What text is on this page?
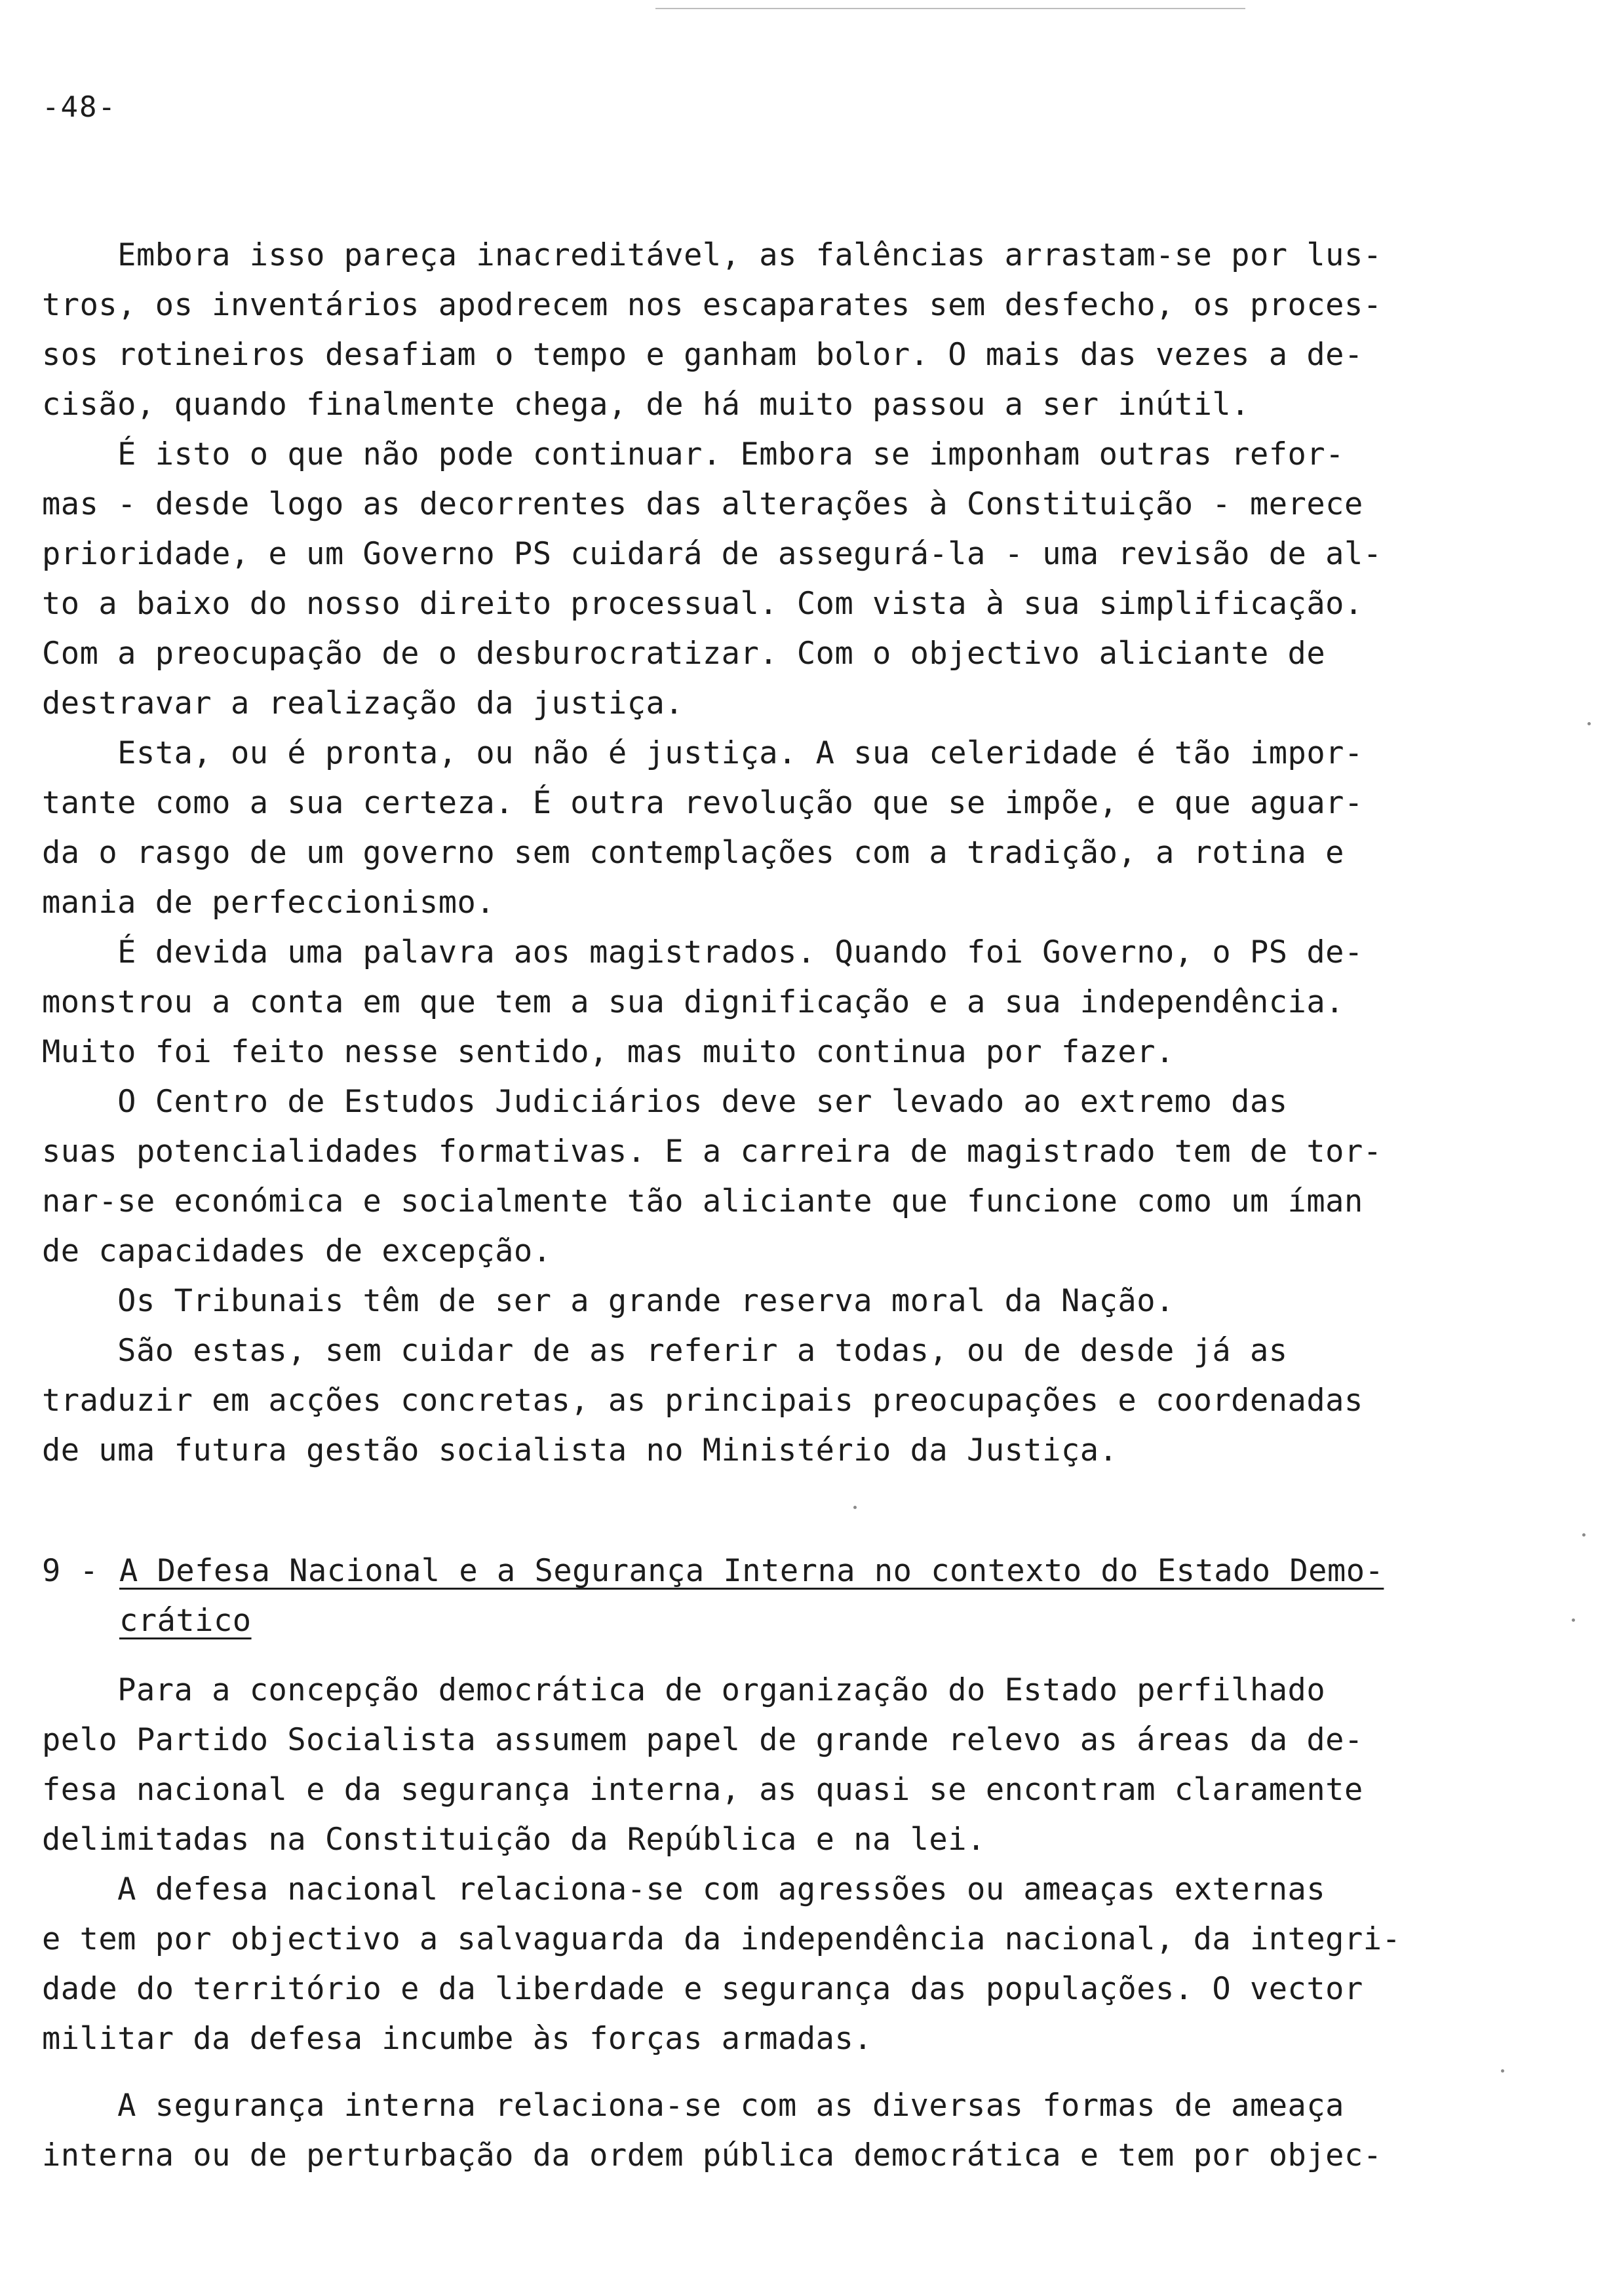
-48-
Embora isso pareça inacreditável, as falências arrastam-se por lus-
tros, os inventários apodrecem nos escaparates sem desfecho, os proces-
sos rotineiros desafiam o tempo e ganham bolor. O mais das vezes a de-
cisão, quando finalmente chega, de há muito passou a ser inútil.
É isto o que não pode continuar. Embora se imponham outras refor-
mas - desde logo as decorrentes das alterações à Constituição - merece
prioridade, e um Governo PS cuidará de assegurá-la - uma revisão de al-
to a baixo do nosso direito processual. Com vista à sua simplificação.
Com a preocupação de o desburocratizar. Com o objectivo aliciante de
destravar a realização da justiça.
Esta, ou é pronta, ou não é justiça. A sua celeridade é tão impor-
tante como a sua certeza. É outra revolução que se impõe, e que aguar-
da o rasgo de um governo sem contemplações com a tradição, a rotina e
mania de perfeccionismo.
É devida uma palavra aos magistrados. Quando foi Governo, o PS de-
monstrou a conta em que tem a sua dignificação e a sua independência.
Muito foi feito nesse sentido, mas muito continua por fazer.
O Centro de Estudos Judiciários deve ser levado ao extremo das
suas potencialidades formativas. E a carreira de magistrado tem de tor-
nar-se económica e socialmente tão aliciante que funcione como um íman
de capacidades de excepção.
Os Tribunais têm de ser a grande reserva moral da Nação.
São estas, sem cuidar de as referir a todas, ou de desde já as
traduzir em acções concretas, as principais preocupações e coordenadas
de uma futura gestão socialista no Ministério da Justiça.
9 - A Defesa Nacional e a Segurança Interna no contexto do Estado Demo-
crático
Para a concepção democrática de organização do Estado perfilhado
pelo Partido Socialista assumem papel de grande relevo as áreas da de-
fesa nacional e da segurança interna, as quasi se encontram claramente
delimitadas na Constituição da República e na lei.
A defesa nacional relaciona-se com agressões ou ameaças externas
e tem por objectivo a salvaguarda da independência nacional, da integri-
dade do território e da liberdade e segurança das populações. O vector
militar da defesa incumbe às forças armadas.
A segurança interna relaciona-se com as diversas formas de ameaça
interna ou de perturbação da ordem pública democrática e tem por objec-
